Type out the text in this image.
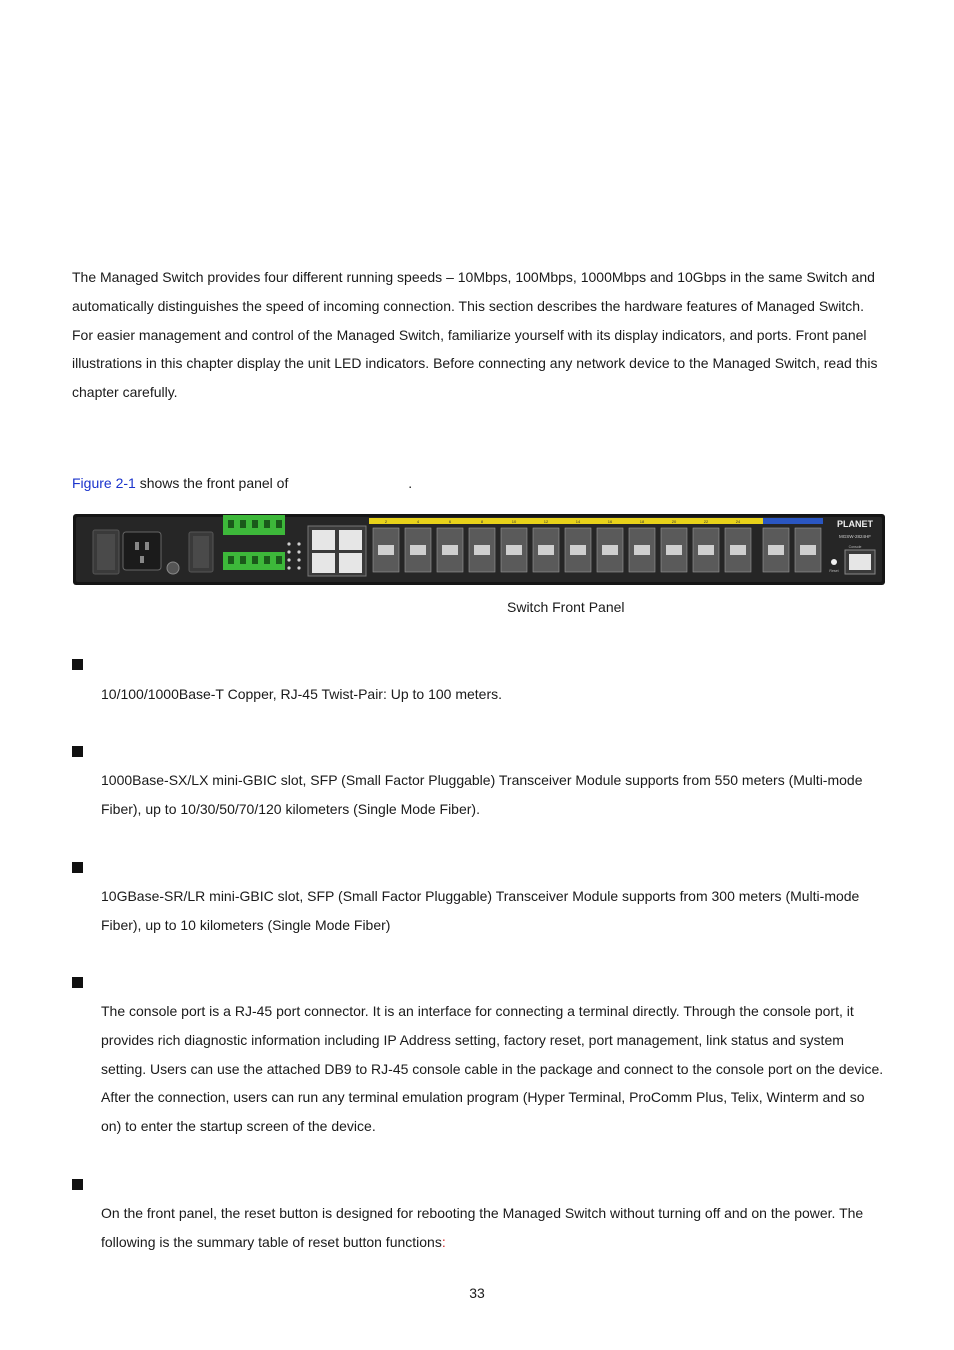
The Managed Switch provides four different running speeds – 10Mbps, 100Mbps, 1000Mbps and 10Gbps in the same Switch and automatically distinguishes the speed of incoming connection. This section describes the hardware features of Managed Switch. For easier management and control of the Managed Switch, familiarize yourself with its display indicators, and ports. Front panel illustrations in this chapter display the unit LED indicators. Before connecting any network device to the Managed Switch, read this chapter carefully.
Figure 2-1 shows the front panel of	.
2	4	6	8	10	12	14	16	18	20	22	24	PLANET
MGSW-2824HF
Console
Reset
Switch Front Panel
10/100/1000Base-T Copper, RJ-45 Twist-Pair: Up to 100 meters.
1000Base-SX/LX mini-GBIC slot, SFP (Small Factor Pluggable) Transceiver Module supports from 550 meters (Multi-mode Fiber), up to 10/30/50/70/120 kilometers (Single Mode Fiber).
10GBase-SR/LR mini-GBIC slot, SFP (Small Factor Pluggable) Transceiver Module supports from 300 meters (Multi-mode Fiber), up to 10 kilometers (Single Mode Fiber)
The console port is a RJ-45 port connector. It is an interface for connecting a terminal directly. Through the console port, it provides rich diagnostic information including IP Address setting, factory reset, port management, link status and system setting. Users can use the attached DB9 to RJ-45 console cable in the package and connect to the console port on the device. After the connection, users can run any terminal emulation program (Hyper Terminal, ProComm Plus, Telix, Winterm and so on) to enter the startup screen of the device.
On the front panel, the reset button is designed for rebooting the Managed Switch without turning off and on the power. The following is the summary table of reset button functions:
33
